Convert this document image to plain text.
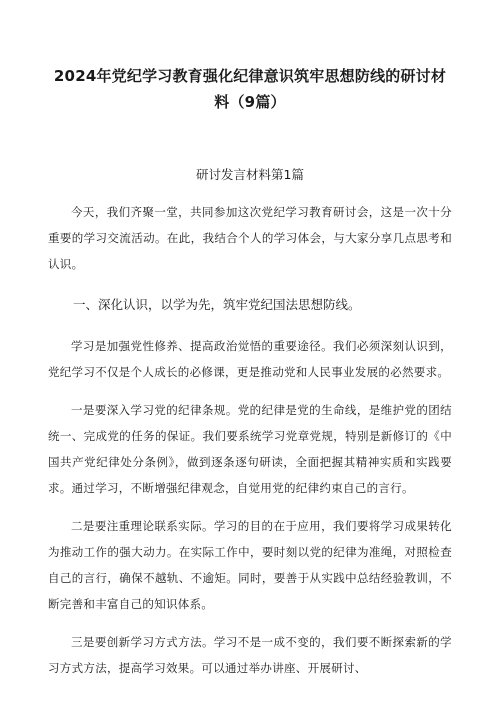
2024年党纪学习教育强化纪律意识筑牢思想防线的研讨材料（9篇）
研讨发言材料第1篇

今天，我们齐聚一堂，共同参加这次党纪学习教育研讨会，这是一次十分重要的学习交流活动。在此，我结合个人的学习体会，与大家分享几点思考和认识。

一、深化认识，以学为先，筑牢党纪国法思想防线。

学习是加强党性修养、提高政治觉悟的重要途径。我们必须深刻认识到，党纪学习不仅是个人成长的必修课，更是推动党和人民事业发展的必然要求。

一是要深入学习党的纪律条规。党的纪律是党的生命线，是维护党的团结统一、完成党的任务的保证。我们要系统学习党章党规，特别是新修订的《中国共产党纪律处分条例》，做到逐条逐句研读，全面把握其精神实质和实践要求。通过学习，不断增强纪律观念，自觉用党的纪律约束自己的言行。

二是要注重理论联系实际。学习的目的在于应用，我们要将学习成果转化为推动工作的强大动力。在实际工作中，要时刻以党的纪律为准绳，对照检查自己的言行，确保不越轨、不逾矩。同时，要善于从实践中总结经验教训，不断完善和丰富自己的知识体系。

三是要创新学习方式方法。学习不是一成不变的，我们要不断探索新的学习方式方法，提高学习效果。可以通过举办讲座、开展研讨、
